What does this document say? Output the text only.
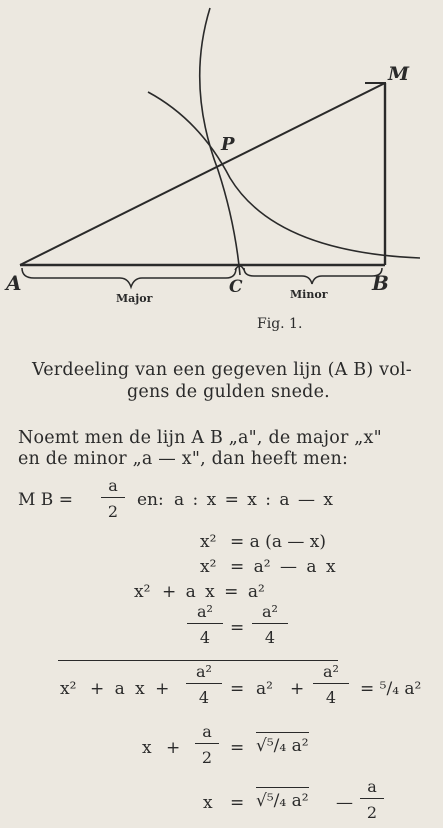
A	B
M
P
C
Major	Minor
Fig. 1.
Verdeeling van een gegeven lijn (A B) vol-
gens de gulden snede.
Noemt men de lijn A B „a", de major „x"
en de minor „a — x", dan heeft men:
M $B = \frac{a}{2}$ en: a : x = x : a — x
x² = a (a — x)
x² = a² — a x
x² + a x = a²
$\frac{\text{a²}}{4} = \frac{\text{a²}}{4}$
x² + a $x + \frac{\text{a²}}{4} = a^2 + \frac{\text{a²}}{4} = ^5/_4$ a²
$x + \frac{a}{2} = √^5/_4$ a²
x = √⁵/₄ a² — $\frac{a}{2}$
